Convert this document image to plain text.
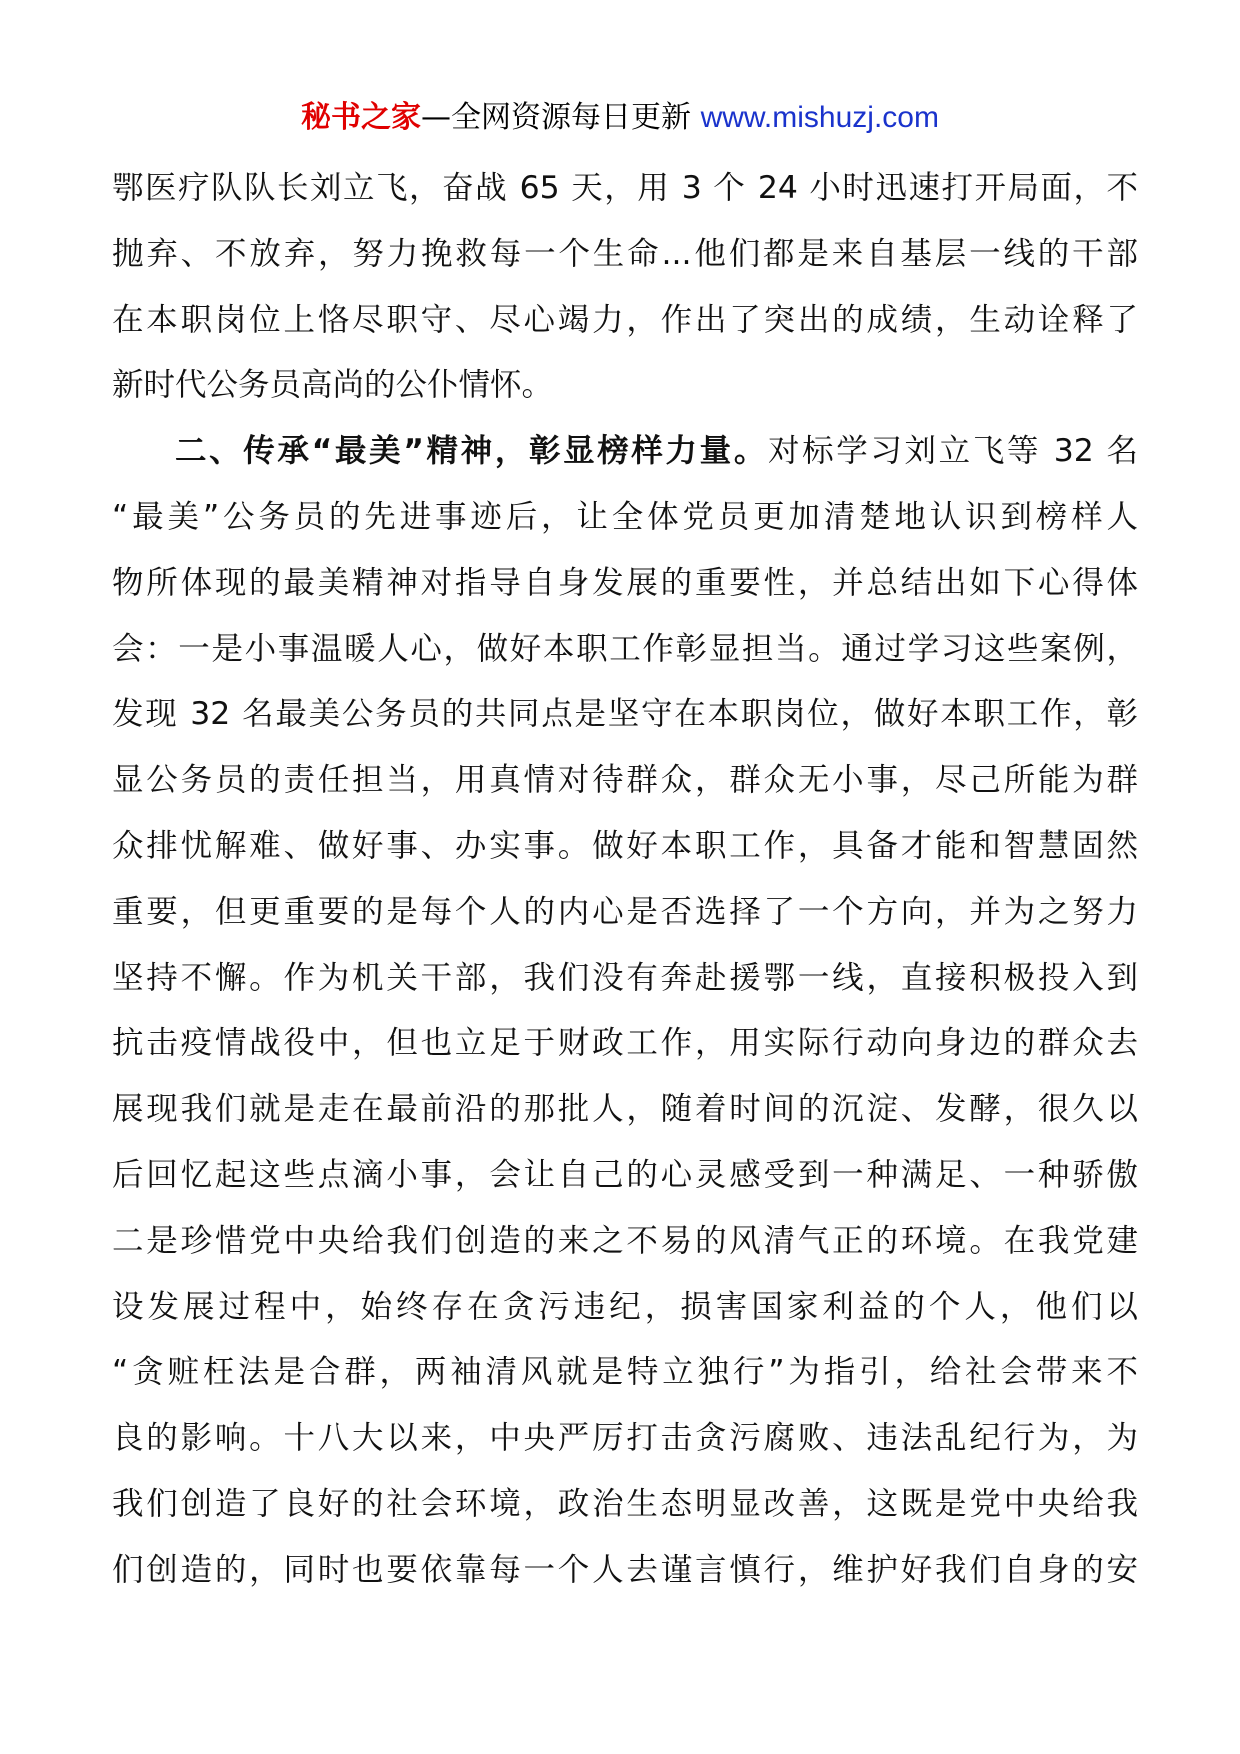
秘书之家—全网资源每日更新 www.mishuzj.com
鄂医疗队队长刘立飞，奋战 65 天，用 3 个 24 小时迅速打开局面，不
抛弃、不放弃，努力挽救每一个生命...他们都是来自基层一线的干部
在本职岗位上恪尽职守、尽心竭力，作出了突出的成绩，生动诠释了
新时代公务员高尚的公仆情怀。
二、传承“最美”精神，彰显榜样力量。对标学习刘立飞等 32 名
“最美”公务员的先进事迹后，让全体党员更加清楚地认识到榜样人
物所体现的最美精神对指导自身发展的重要性，并总结出如下心得体
会：一是小事温暖人心，做好本职工作彰显担当。通过学习这些案例，
发现 32 名最美公务员的共同点是坚守在本职岗位，做好本职工作，彰
显公务员的责任担当，用真情对待群众，群众无小事，尽己所能为群
众排忧解难、做好事、办实事。做好本职工作，具备才能和智慧固然
重要，但更重要的是每个人的内心是否选择了一个方向，并为之努力
坚持不懈。作为机关干部，我们没有奔赴援鄂一线，直接积极投入到
抗击疫情战役中，但也立足于财政工作，用实际行动向身边的群众去
展现我们就是走在最前沿的那批人，随着时间的沉淀、发酵，很久以
后回忆起这些点滴小事，会让自己的心灵感受到一种满足、一种骄傲
二是珍惜党中央给我们创造的来之不易的风清气正的环境。在我党建
设发展过程中，始终存在贪污违纪，损害国家利益的个人，他们以
“贪赃枉法是合群，两袖清风就是特立独行”为指引，给社会带来不
良的影响。十八大以来，中央严厉打击贪污腐败、违法乱纪行为，为
我们创造了良好的社会环境，政治生态明显改善，这既是党中央给我
们创造的，同时也要依靠每一个人去谨言慎行，维护好我们自身的安
